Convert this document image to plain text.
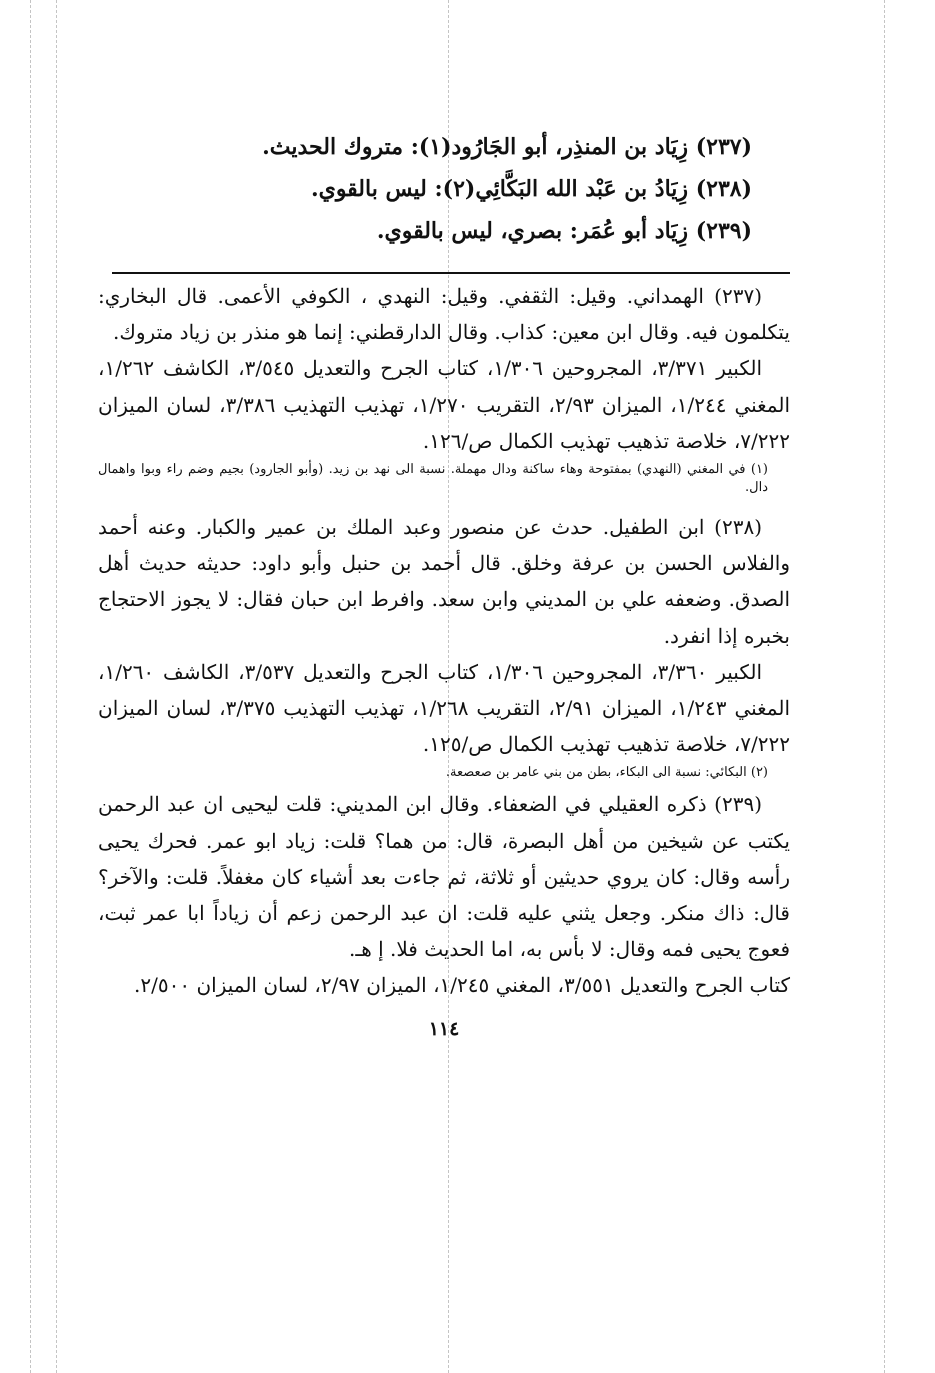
(٢٣٧) زِيَاد بن المنذِر، أبو الجَارُود(١): متروك الحديث.
(٢٣٨) زِيَادُ بن عَبْد الله البَكَّائِي(٢): ليس بالقوي.
(٢٣٩) زِيَاد أبو عُمَر: بصري، ليس بالقوي.

(٢٣٧) الهمداني. وقيل: الثقفي. وقيل: النهدي ، الكوفي الأعمى. قال البخاري: يتكلمون فيه. وقال ابن معين: كذاب. وقال الدارقطني: إنما هو منذر بن زياد متروك.

الكبير ٣/٣٧١، المجروحين ١/٣٠٦، كتاب الجرح والتعديل ٣/٥٤٥، الكاشف ١/٢٦٢، المغني ١/٢٤٤، الميزان ٢/٩٣، التقريب ١/٢٧٠، تهذيب التهذيب ٣/٣٨٦، لسان الميزان ٧/٢٢٢، خلاصة تذهيب تهذيب الكمال ص/١٢٦.

(١) في المغني (النهدي) بمفتوحة وهاء ساكنة ودال مهملة. نسبة الى نهد بن زيد. (وأبو الجارود) بجيم وضم راء وبوا واهمال دال.

(٢٣٨) ابن الطفيل. حدث عن منصور وعبد الملك بن عمير والكبار. وعنه أحمد والفلاس الحسن بن عرفة وخلق. قال أحمد بن حنبل وأبو داود: حديثه حديث أهل الصدق. وضعفه علي بن المديني وابن سعد. وافرط ابن حبان فقال: لا يجوز الاحتجاج بخبره إذا انفرد.

الكبير ٣/٣٦٠، المجروحين ١/٣٠٦، كتاب الجرح والتعديل ٣/٥٣٧، الكاشف ١/٢٦٠، المغني ١/٢٤٣، الميزان ٢/٩١، التقريب ١/٢٦٨، تهذيب التهذيب ٣/٣٧٥، لسان الميزان ٧/٢٢٢، خلاصة تذهيب تهذيب الكمال ص/١٢٥.

(٢) البكائي: نسبة الى البكاء، بطن من بني عامر بن صعصعة.

(٢٣٩) ذكره العقيلي في الضعفاء. وقال ابن المديني: قلت ليحيى ان عبد الرحمن يكتب عن شيخين من أهل البصرة، قال: من هما؟ قلت: زياد ابو عمر. فحرك يحيى رأسه وقال: كان يروي حديثين أو ثلاثة، ثم جاءت بعد أشياء كان مغفلاً. قلت: والآخر؟ قال: ذاك منكر. وجعل يثني عليه قلت: ان عبد الرحمن زعم أن زياداً ابا عمر ثبت، فعوج يحيى فمه وقال: لا بأس به، اما الحديث فلا. إ هـ.

كتاب الجرح والتعديل ٣/٥٥١، المغني ١/٢٤٥، الميزان ٢/٩٧، لسان الميزان ٢/٥٠٠.

١١٤
